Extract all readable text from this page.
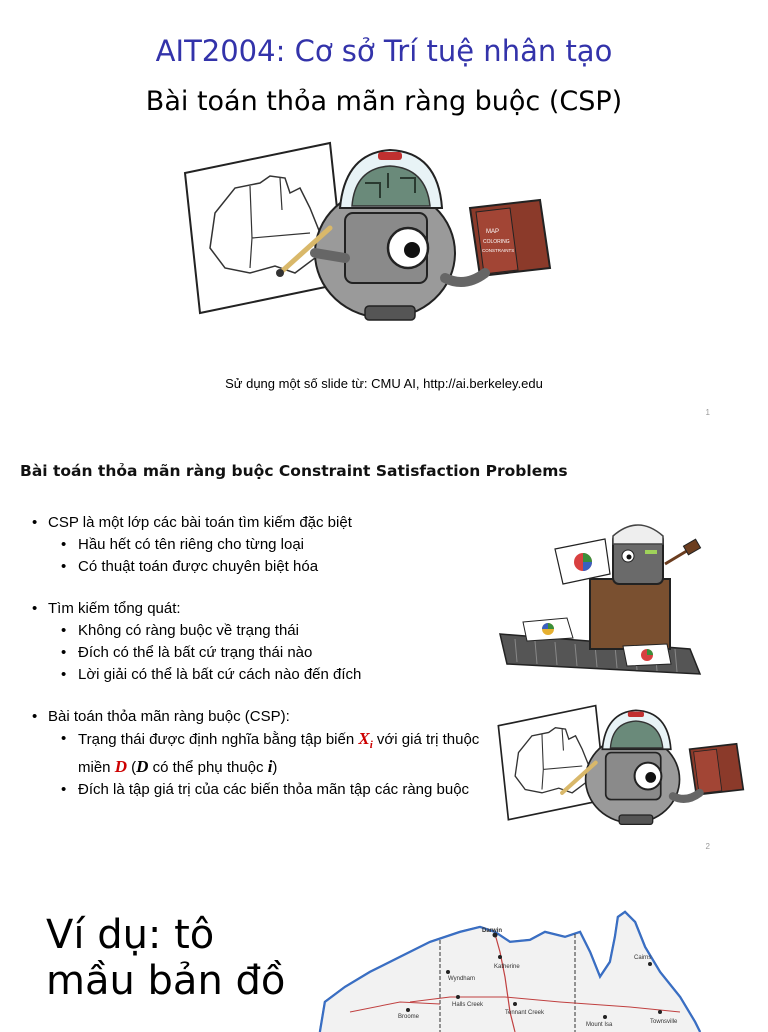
AIT2004: Cơ sở Trí tuệ nhân tạo
Bài toán thỏa mãn ràng buộc (CSP)
MAP
COLORING
CONSTRAINTS
Sử dụng một số slide từ: CMU AI, http://ai.berkeley.edu
1
Bài toán thỏa mãn ràng buộc Constraint Satisfaction Problems
• CSP là một lớp các bài toán tìm kiếm đặc biệt
• Hầu hết có tên riêng cho từng loại
• Có thuật toán được chuyên biệt hóa
• Tìm kiếm tổng quát:
• Không có ràng buộc về trạng thái
• Đích có thể là bất cứ trạng thái nào
• Lời giải có thể là bất cứ cách nào đến đích
• Bài toán thỏa mãn ràng buộc (CSP):
• Trạng thái được định nghĩa bằng tập biến $X_i$ với giá trị thuộc miền D (D có thể phụ thuộc i)
• Đích là tập giá trị của các biến thỏa mãn tập các ràng buộc
2
Ví dụ: tô mầu bản đồ
Darwin
Katherine
Wyndham
Broome
Halls Creek
Tennant Creek
Cairns
Mount Isa	Townsville
